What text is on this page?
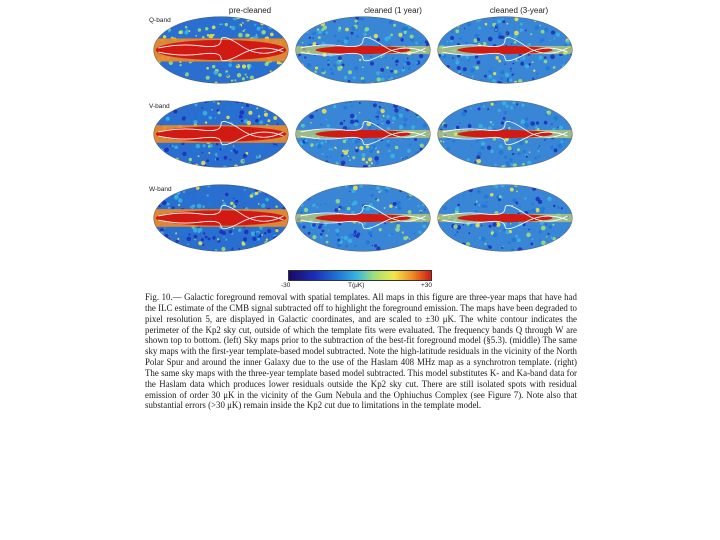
pre-cleaned	cleaned (1 year)	cleaned (3-year)
Q-band
V-band
W-band
-30	T(μK)	+30

Fig. 10.— Galactic foreground removal with spatial templates. All maps in this figure are three-year maps that have had the ILC estimate of the CMB signal subtracted off to highlight the foreground emission. The maps have been degraded to pixel resolution 5, are displayed in Galactic coordinates, and are scaled to ±30 μK. The white contour indicates the perimeter of the Kp2 sky cut, outside of which the template fits were evaluated. The frequency bands Q through W are shown top to bottom. (left) Sky maps prior to the subtraction of the best-fit foreground model (§5.3). (middle) The same sky maps with the first-year template-based model subtracted. Note the high-latitude residuals in the vicinity of the North Polar Spur and around the inner Galaxy due to the use of the Haslam 408 MHz map as a synchrotron template. (right) The same sky maps with the three-year template based model subtracted. This model substitutes K- and Ka-band data for the Haslam data which produces lower residuals outside the Kp2 sky cut. There are still isolated spots with residual emission of order 30 μK in the vicinity of the Gum Nebula and the Ophiuchus Complex (see Figure 7). Note also that substantial errors (>30 μK) remain inside the Kp2 cut due to limitations in the template model.
